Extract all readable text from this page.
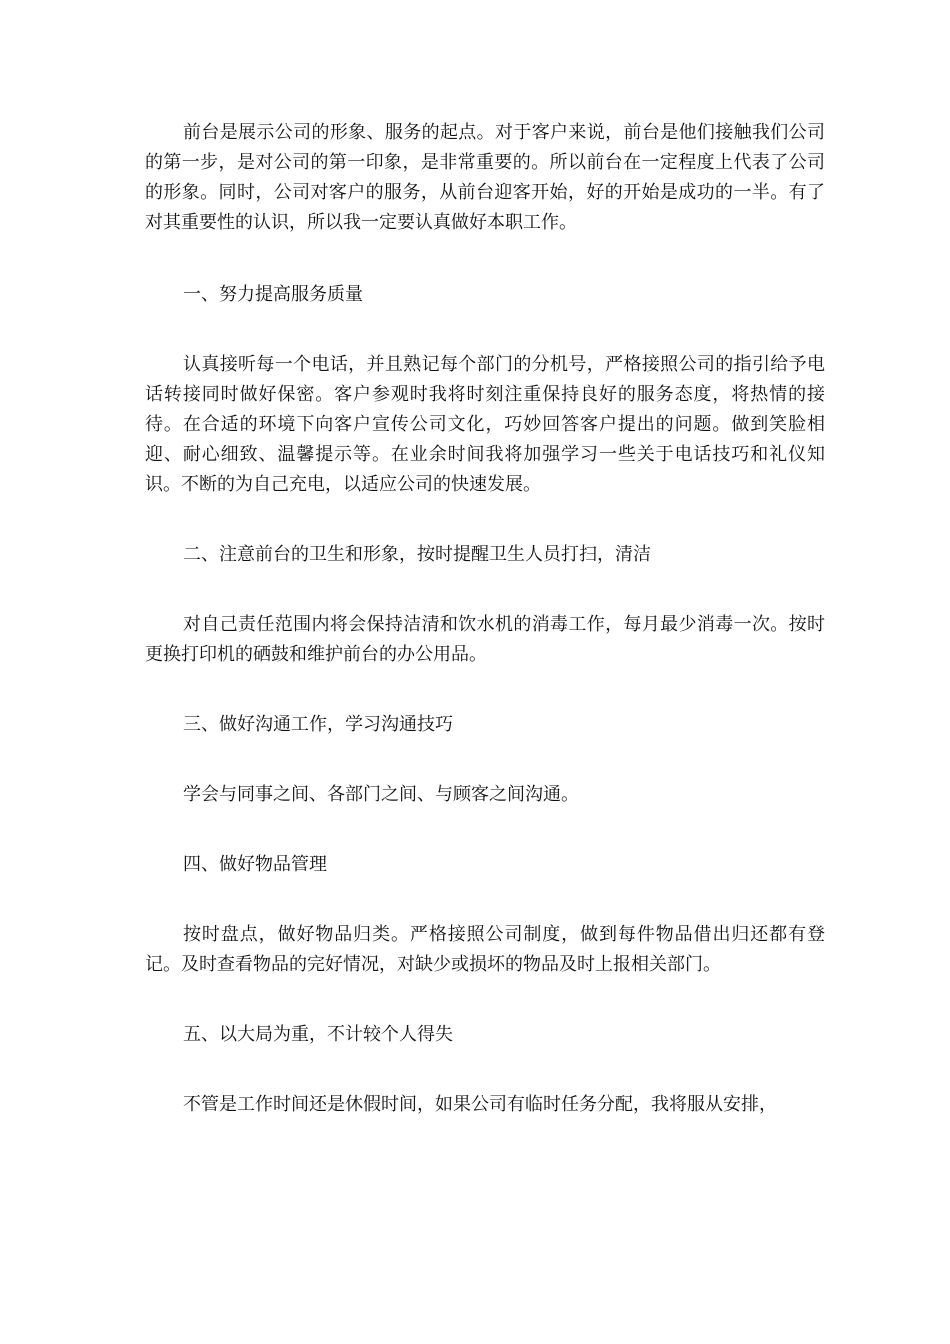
前台是展示公司的形象、服务的起点。对于客户来说，前台是他们接触我们公司的第一步，是对公司的第一印象，是非常重要的。所以前台在一定程度上代表了公司的形象。同时，公司对客户的服务，从前台迎客开始，好的开始是成功的一半。有了对其重要性的认识，所以我一定要认真做好本职工作。

一、努力提高服务质量

认真接听每一个电话，并且熟记每个部门的分机号，严格接照公司的指引给予电话转接同时做好保密。客户参观时我将时刻注重保持良好的服务态度，将热情的接待。在合适的环境下向客户宣传公司文化，巧妙回答客户提出的问题。做到笑脸相迎、耐心细致、温馨提示等。在业余时间我将加强学习一些关于电话技巧和礼仪知识。不断的为自己充电，以适应公司的快速发展。

二、注意前台的卫生和形象，按时提醒卫生人员打扫，清洁

对自己责任范围内将会保持洁清和饮水机的消毒工作，每月最少消毒一次。按时更换打印机的硒鼓和维护前台的办公用品。

三、做好沟通工作，学习沟通技巧

学会与同事之间、各部门之间、与顾客之间沟通。

四、做好物品管理

按时盘点，做好物品归类。严格接照公司制度，做到每件物品借出归还都有登记。及时查看物品的完好情况，对缺少或损坏的物品及时上报相关部门。

五、以大局为重，不计较个人得失

不管是工作时间还是休假时间，如果公司有临时任务分配，我将服从安排，
